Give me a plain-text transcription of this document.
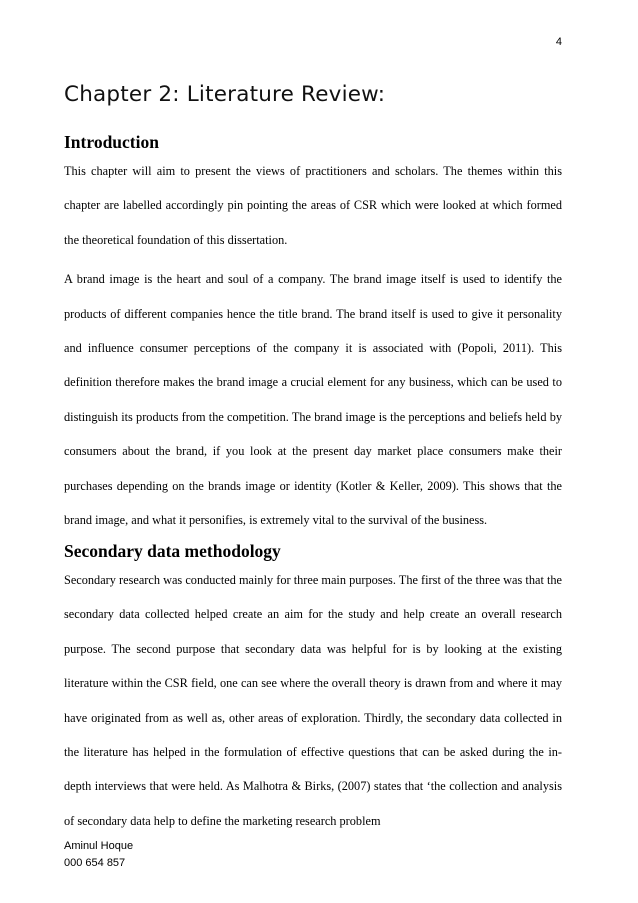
4
Chapter 2: Literature Review:
Introduction

This chapter will aim to present the views of practitioners and scholars. The themes within this chapter are labelled accordingly pin pointing the areas of CSR which were looked at which formed the theoretical foundation of this dissertation.

A brand image is the heart and soul of a company. The brand image itself is used to identify the products of different companies hence the title brand. The brand itself is used to give it personality and influence consumer perceptions of the company it is associated with (Popoli, 2011). This definition therefore makes the brand image a crucial element for any business, which can be used to distinguish its products from the competition. The brand image is the perceptions and beliefs held by consumers about the brand, if you look at the present day market place consumers make their purchases depending on the brands image or identity (Kotler & Keller, 2009). This shows that the brand image, and what it personifies, is extremely vital to the survival of the business.

Secondary data methodology

Secondary research was conducted mainly for three main purposes. The first of the three was that the secondary data collected helped create an aim for the study and help create an overall research purpose. The second purpose that secondary data was helpful for is by looking at the existing literature within the CSR field, one can see where the overall theory is drawn from and where it may have originated from as well as, other areas of exploration. Thirdly, the secondary data collected in the literature has helped in the formulation of effective questions that can be asked during the in-depth interviews that were held. As Malhotra & Birks, (2007) states that ‘the collection and analysis of secondary data help to define the marketing research problem

Aminul Hoque
000 654 857
